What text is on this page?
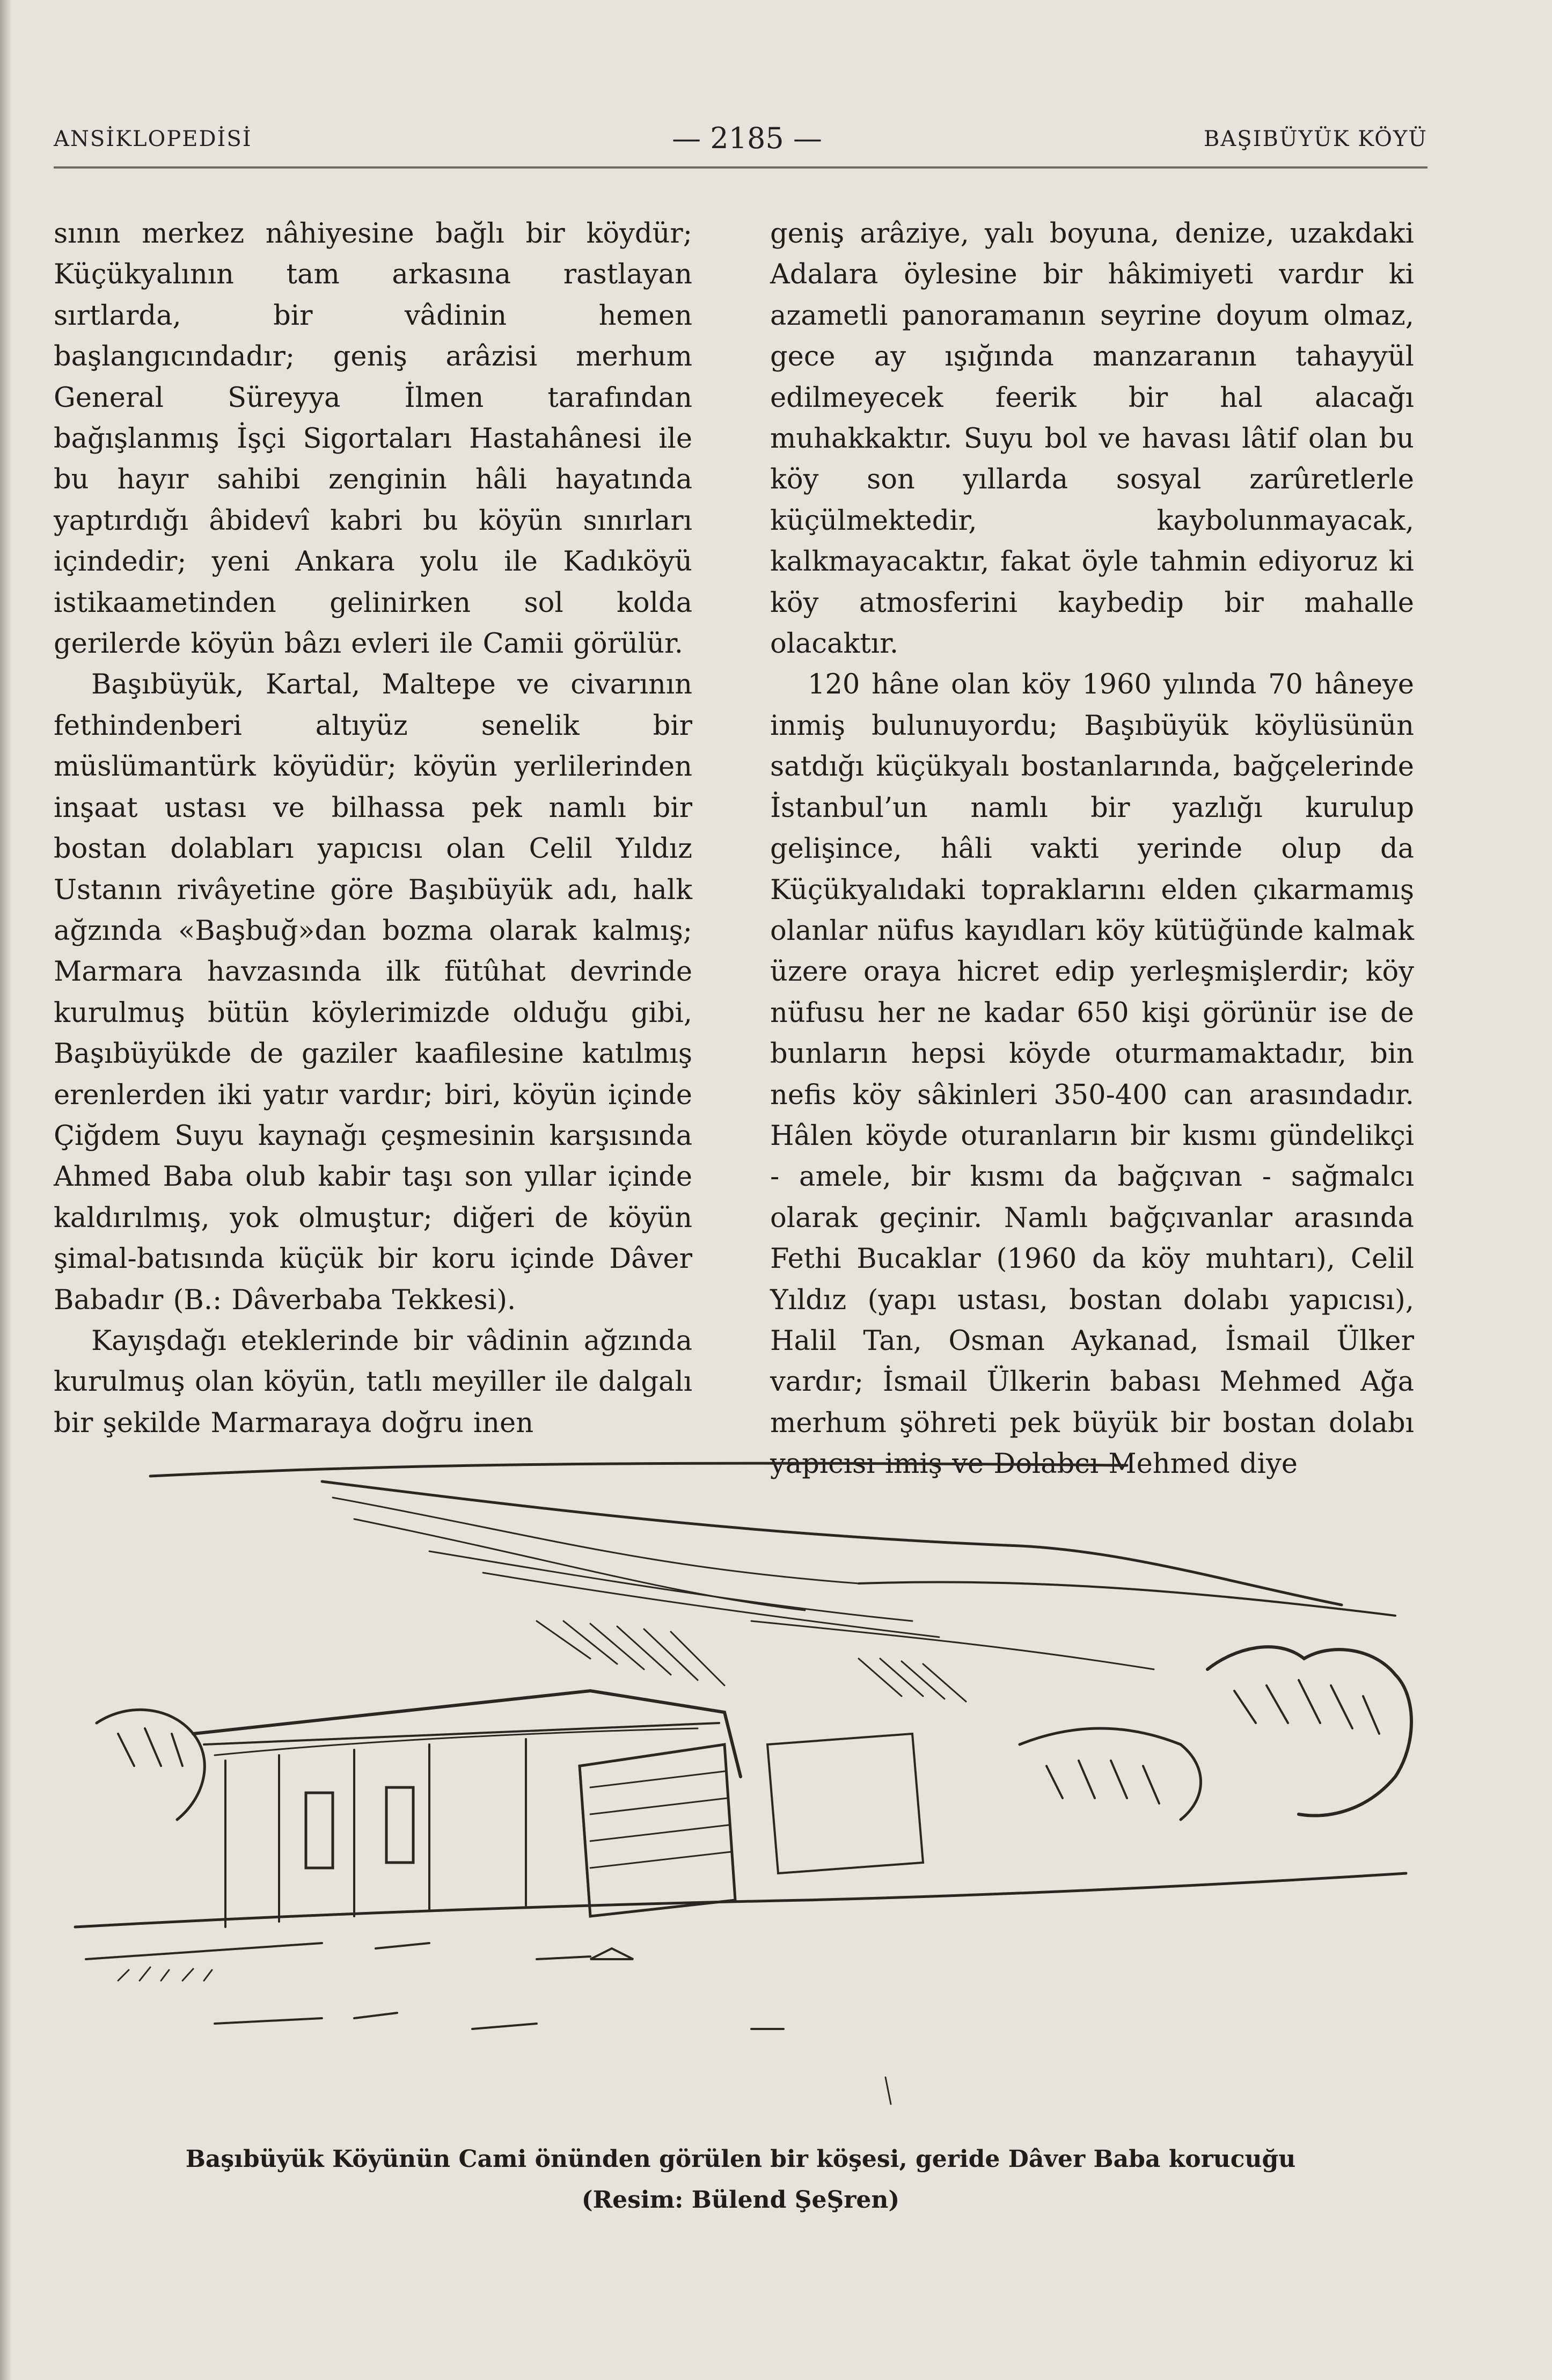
ANSİKLOPEDİSİ	— 2185 —	BAŞIBÜYÜK KÖYÜ

sının merkez nâhiyesine bağlı bir köydür; Küçükyalının tam arkasına rastlayan sırtlarda, bir vâdinin hemen başlangıcındadır; geniş arâzisi merhum General Süreyya İlmen tarafından bağışlanmış İşçi Sigortaları Hastahânesi ile bu hayır sahibi zenginin hâli hayatında yaptırdığı âbidevî kabri bu köyün sınırları içindedir; yeni Ankara yolu ile Kadıköyü istikaametinden gelinirken sol kolda gerilerde köyün bâzı evleri ile Camii görülür.

Başıbüyük, Kartal, Maltepe ve civarının fethindenberi altıyüz senelik bir müslümantürk köyüdür; köyün yerlilerinden inşaat ustası ve bilhassa pek namlı bir bostan dolabları yapıcısı olan Celil Yıldız Ustanın rivâyetine göre Başıbüyük adı, halk ağzında «Başbuğ»dan bozma olarak kalmış; Marmara havzasında ilk fütûhat devrinde kurulmuş bütün köylerimizde olduğu gibi, Başıbüyükde de gaziler kaafilesine katılmış erenlerden iki yatır vardır; biri, köyün içinde Çiğdem Suyu kaynağı çeşmesinin karşısında Ahmed Baba olub kabir taşı son yıllar içinde kaldırılmış, yok olmuştur; diğeri de köyün şimal-batısında küçük bir koru içinde Dâver Babadır (B.: Dâverbaba Tekkesi).

Kayışdağı eteklerinde bir vâdinin ağzında kurulmuş olan köyün, tatlı meyiller ile dalgalı bir şekilde Marmaraya doğru inen

geniş arâziye, yalı boyuna, denize, uzakdaki Adalara öylesine bir hâkimiyeti vardır ki azametli panoramanın seyrine doyum olmaz, gece ay ışığında manzaranın tahayyül edilmeyecek feerik bir hal alacağı muhakkaktır. Suyu bol ve havası lâtif olan bu köy son yıllarda sosyal zarûretlerle küçülmektedir, kaybolunmayacak, kalkmayacaktır, fakat öyle tahmin ediyoruz ki köy atmosferini kaybedip bir mahalle olacaktır.

120 hâne olan köy 1960 yılında 70 hâneye inmiş bulunuyordu; Başıbüyük köylüsünün satdığı küçükyalı bostanlarında, bağçelerinde İstanbul’un namlı bir yazlığı kurulup gelişince, hâli vakti yerinde olup da Küçükyalıdaki topraklarını elden çıkarmamış olanlar nüfus kayıdları köy kütüğünde kalmak üzere oraya hicret edip yerleşmişlerdir; köy nüfusu her ne kadar 650 kişi görünür ise de bunların hepsi köyde oturmamaktadır, bin nefis köy sâkinleri 350-400 can arasındadır. Hâlen köyde oturanların bir kısmı gündelikçi - amele, bir kısmı da bağçıvan - sağmalcı olarak geçinir. Namlı bağçıvanlar arasında Fethi Bucaklar (1960 da köy muhtarı), Celil Yıldız (yapı ustası, bostan dolabı yapıcısı), Halil Tan, Osman Aykanad, İsmail Ülker vardır; İsmail Ülkerin babası Mehmed Ağa merhum şöhreti pek büyük bir bostan dolabı yapıcısı imiş ve Dolabcı Mehmed diye

Başıbüyük Köyünün Cami önünden görülen bir köşesi, geride Dâver Baba korucuğu
(Resim: Bülend ŞeŞren)
